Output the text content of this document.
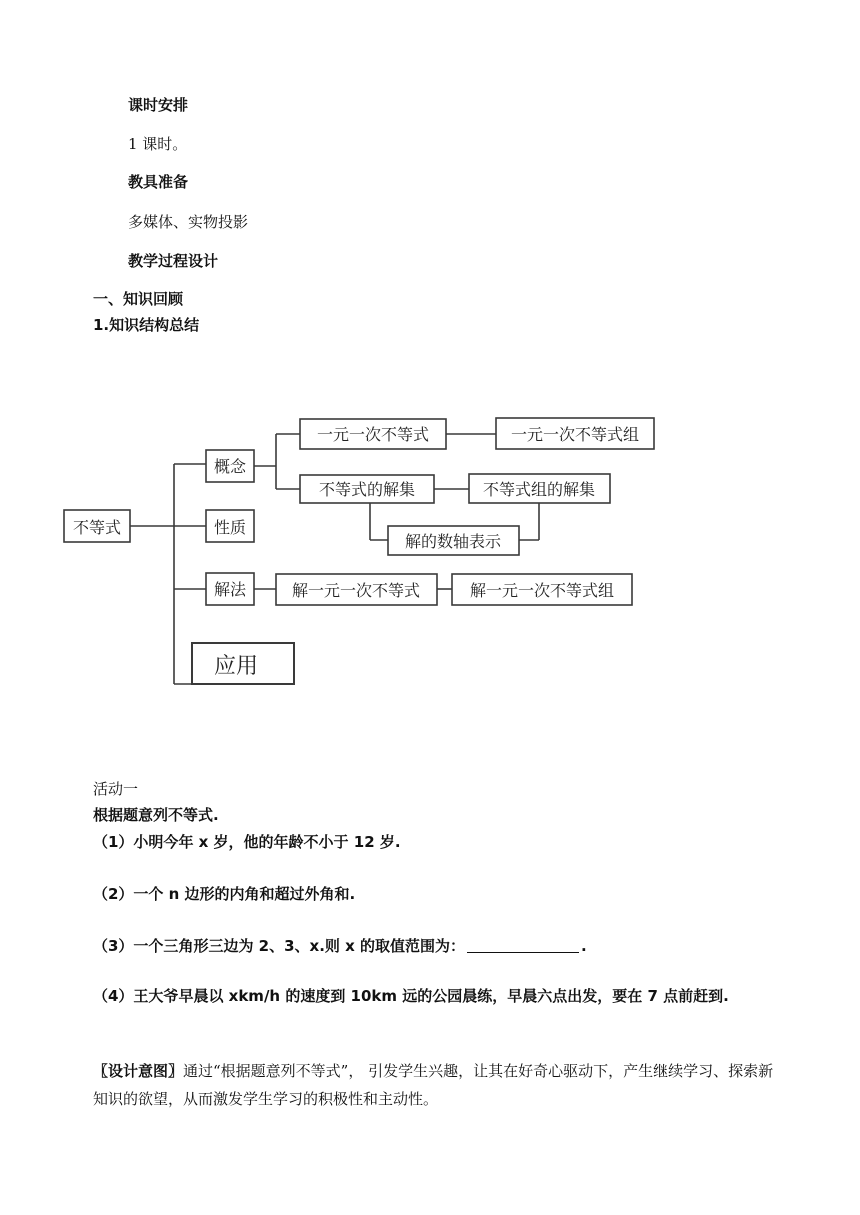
课时安排
1 课时。
教具准备
多媒体、实物投影
教学过程设计
一、知识回顾
1.知识结构总结
不等式
概念
性质
解法
应用
一元一次不等式	一元一次不等式组
不等式的解集	不等式组的解集
解的数轴表示
解一元一次不等式	解一元一次不等式组
活动一
根据题意列不等式.
（1）小明今年 x 岁，他的年龄不小于 12 岁.
（2）一个 n 边形的内角和超过外角和.
（3）一个三角形三边为 2、3、x.则 x 的取值范围为：	.
（4）王大爷早晨以 xkm/h 的速度到 10km 远的公园晨练，早晨六点出发，要在 7 点前赶到.
〖设计意图〗通过“根据题意列不等式”， 引发学生兴趣，让其在好奇心驱动下，产生继续学习、探索新知识的欲望，从而激发学生学习的积极性和主动性。
